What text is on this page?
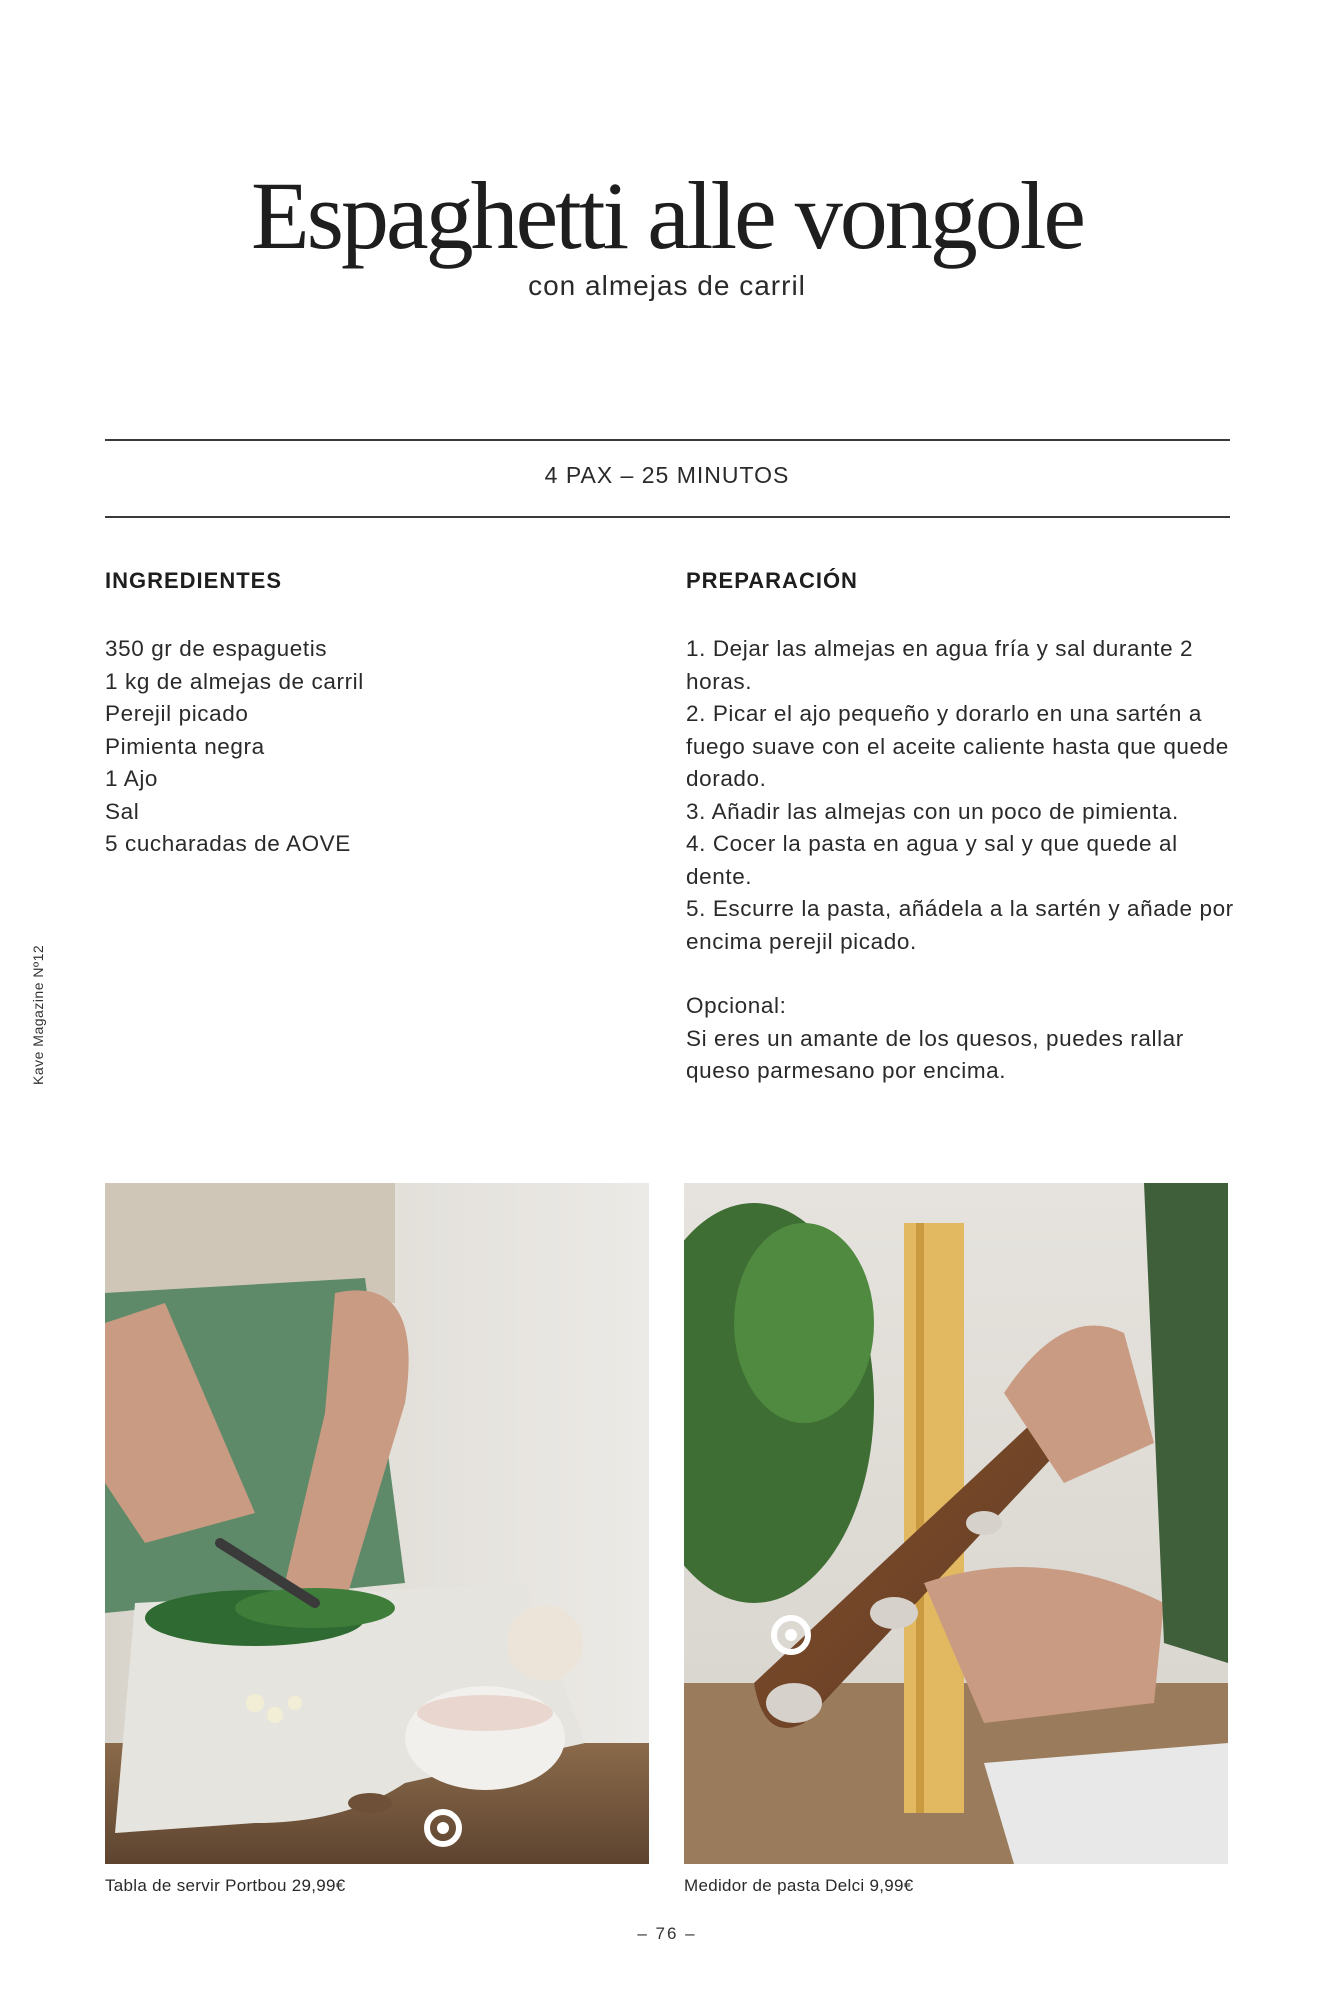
Espaghetti alle vongole
con almejas de carril
4 PAX – 25 MINUTOS
INGREDIENTES
350 gr de espaguetis
1 kg de almejas de carril
Perejil picado
Pimienta negra
1 Ajo
Sal
5 cucharadas de AOVE
PREPARACIÓN
1. Dejar las almejas en agua fría y sal durante 2 horas.
2. Picar el ajo pequeño y dorarlo en una sartén a fuego suave con el aceite caliente hasta que quede dorado.
3. Añadir las almejas con un poco de pimienta.
4. Cocer la pasta en agua y sal y que quede al dente.
5. Escurre la pasta, añádela a la sartén y añade por encima perejil picado.
Opcional:
Si eres un amante de los quesos, puedes rallar queso parmesano por encima.
Kave Magazine Nº12
Tabla de servir Portbou 29,99€	Medidor de pasta Delci 9,99€
– 76 –
